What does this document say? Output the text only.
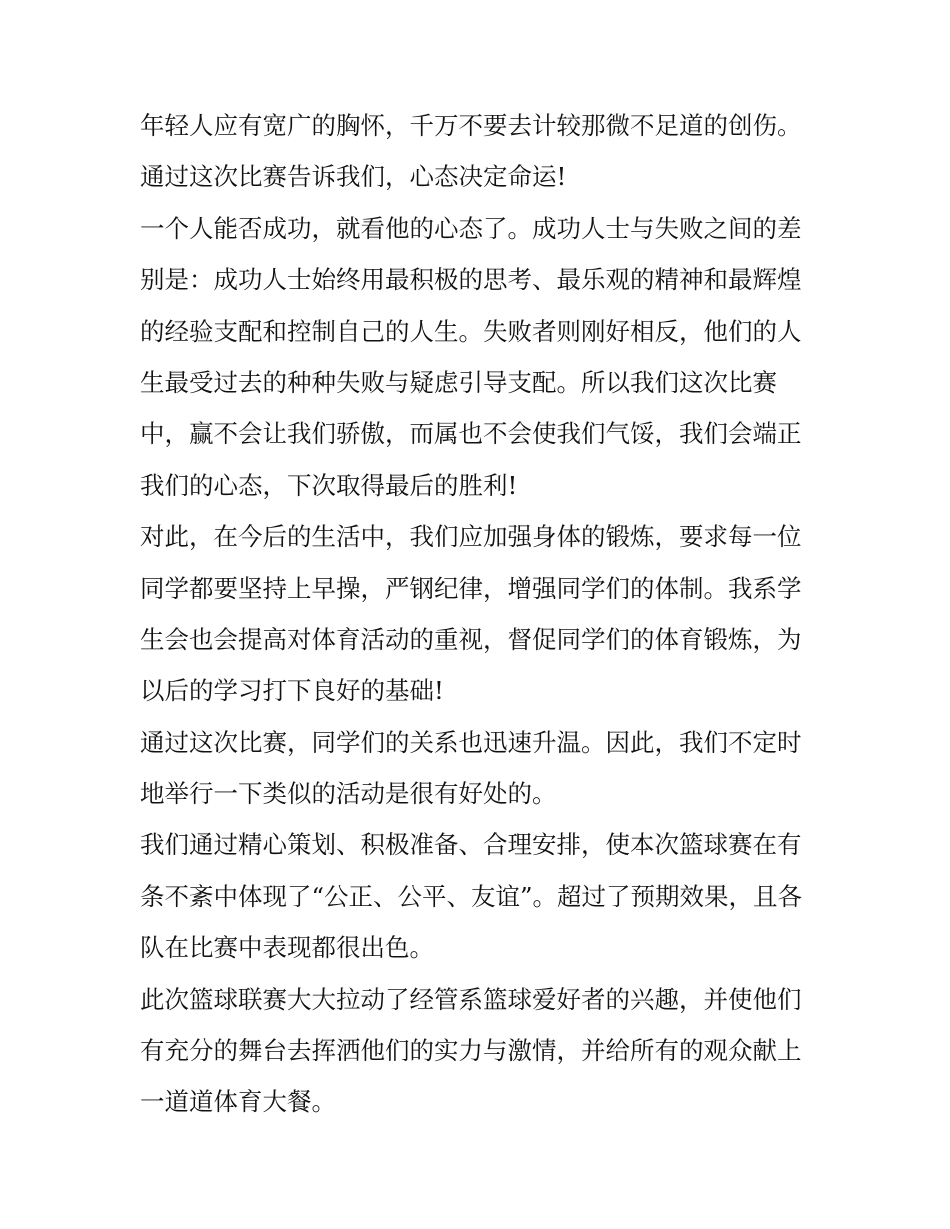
年轻人应有宽广的胸怀，千万不要去计较那微不足道的创伤。
通过这次比赛告诉我们，心态决定命运!
一个人能否成功，就看他的心态了。成功人士与失败之间的差
别是：成功人士始终用最积极的思考、最乐观的精神和最辉煌
的经验支配和控制自己的人生。失败者则刚好相反，他们的人
生最受过去的种种失败与疑虑引导支配。所以我们这次比赛
中，赢不会让我们骄傲，而属也不会使我们气馁，我们会端正
我们的心态，下次取得最后的胜利!
对此，在今后的生活中，我们应加强身体的锻炼，要求每一位
同学都要坚持上早操，严钢纪律，增强同学们的体制。我系学
生会也会提高对体育活动的重视，督促同学们的体育锻炼，为
以后的学习打下良好的基础!
通过这次比赛，同学们的关系也迅速升温。因此，我们不定时
地举行一下类似的活动是很有好处的。
我们通过精心策划、积极准备、合理安排，使本次篮球赛在有
条不紊中体现了“公正、公平、友谊”。超过了预期效果，且各
队在比赛中表现都很出色。
此次篮球联赛大大拉动了经管系篮球爱好者的兴趣，并使他们
有充分的舞台去挥洒他们的实力与激情，并给所有的观众献上
一道道体育大餐。
